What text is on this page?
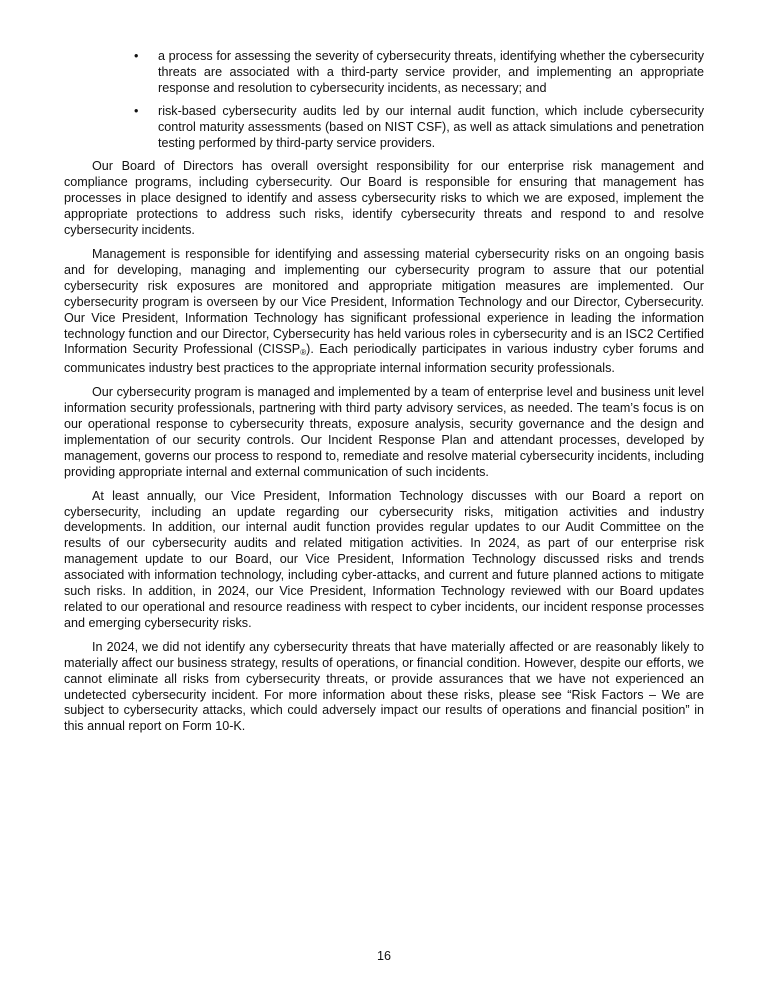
• a process for assessing the severity of cybersecurity threats, identifying whether the cybersecurity threats are associated with a third-party service provider, and implementing an appropriate response and resolution to cybersecurity incidents, as necessary; and
• risk-based cybersecurity audits led by our internal audit function, which include cybersecurity control maturity assessments (based on NIST CSF), as well as attack simulations and penetration testing performed by third-party service providers.

Our Board of Directors has overall oversight responsibility for our enterprise risk management and compliance programs, including cybersecurity. Our Board is responsible for ensuring that management has processes in place designed to identify and assess cybersecurity risks to which we are exposed, implement the appropriate protections to address such risks, identify cybersecurity threats and respond to and resolve cybersecurity incidents.

Management is responsible for identifying and assessing material cybersecurity risks on an ongoing basis and for developing, managing and implementing our cybersecurity program to assure that our potential cybersecurity risk exposures are monitored and appropriate mitigation measures are implemented. Our cybersecurity program is overseen by our Vice President, Information Technology and our Director, Cybersecurity. Our Vice President, Information Technology has significant professional experience in leading the information technology function and our Director, Cybersecurity has held various roles in cybersecurity and is an ISC2 Certified Information Security Professional (CISSP®). Each periodically participates in various industry cyber forums and communicates industry best practices to the appropriate internal information security professionals.

Our cybersecurity program is managed and implemented by a team of enterprise level and business unit level information security professionals, partnering with third party advisory services, as needed. The team’s focus is on our operational response to cybersecurity threats, exposure analysis, security governance and the design and implementation of our security controls. Our Incident Response Plan and attendant processes, developed by management, governs our process to respond to, remediate and resolve material cybersecurity incidents, including providing appropriate internal and external communication of such incidents.

At least annually, our Vice President, Information Technology discusses with our Board a report on cybersecurity, including an update regarding our cybersecurity risks, mitigation activities and industry developments. In addition, our internal audit function provides regular updates to our Audit Committee on the results of our cybersecurity audits and related mitigation activities. In 2024, as part of our enterprise risk management update to our Board, our Vice President, Information Technology discussed risks and trends associated with information technology, including cyber-attacks, and current and future planned actions to mitigate such risks. In addition, in 2024, our Vice President, Information Technology reviewed with our Board updates related to our operational and resource readiness with respect to cyber incidents, our incident response processes and emerging cybersecurity risks.

In 2024, we did not identify any cybersecurity threats that have materially affected or are reasonably likely to materially affect our business strategy, results of operations, or financial condition. However, despite our efforts, we cannot eliminate all risks from cybersecurity threats, or provide assurances that we have not experienced an undetected cybersecurity incident. For more information about these risks, please see “Risk Factors – We are subject to cybersecurity attacks, which could adversely impact our results of operations and financial position” in this annual report on Form 10-K.

16
